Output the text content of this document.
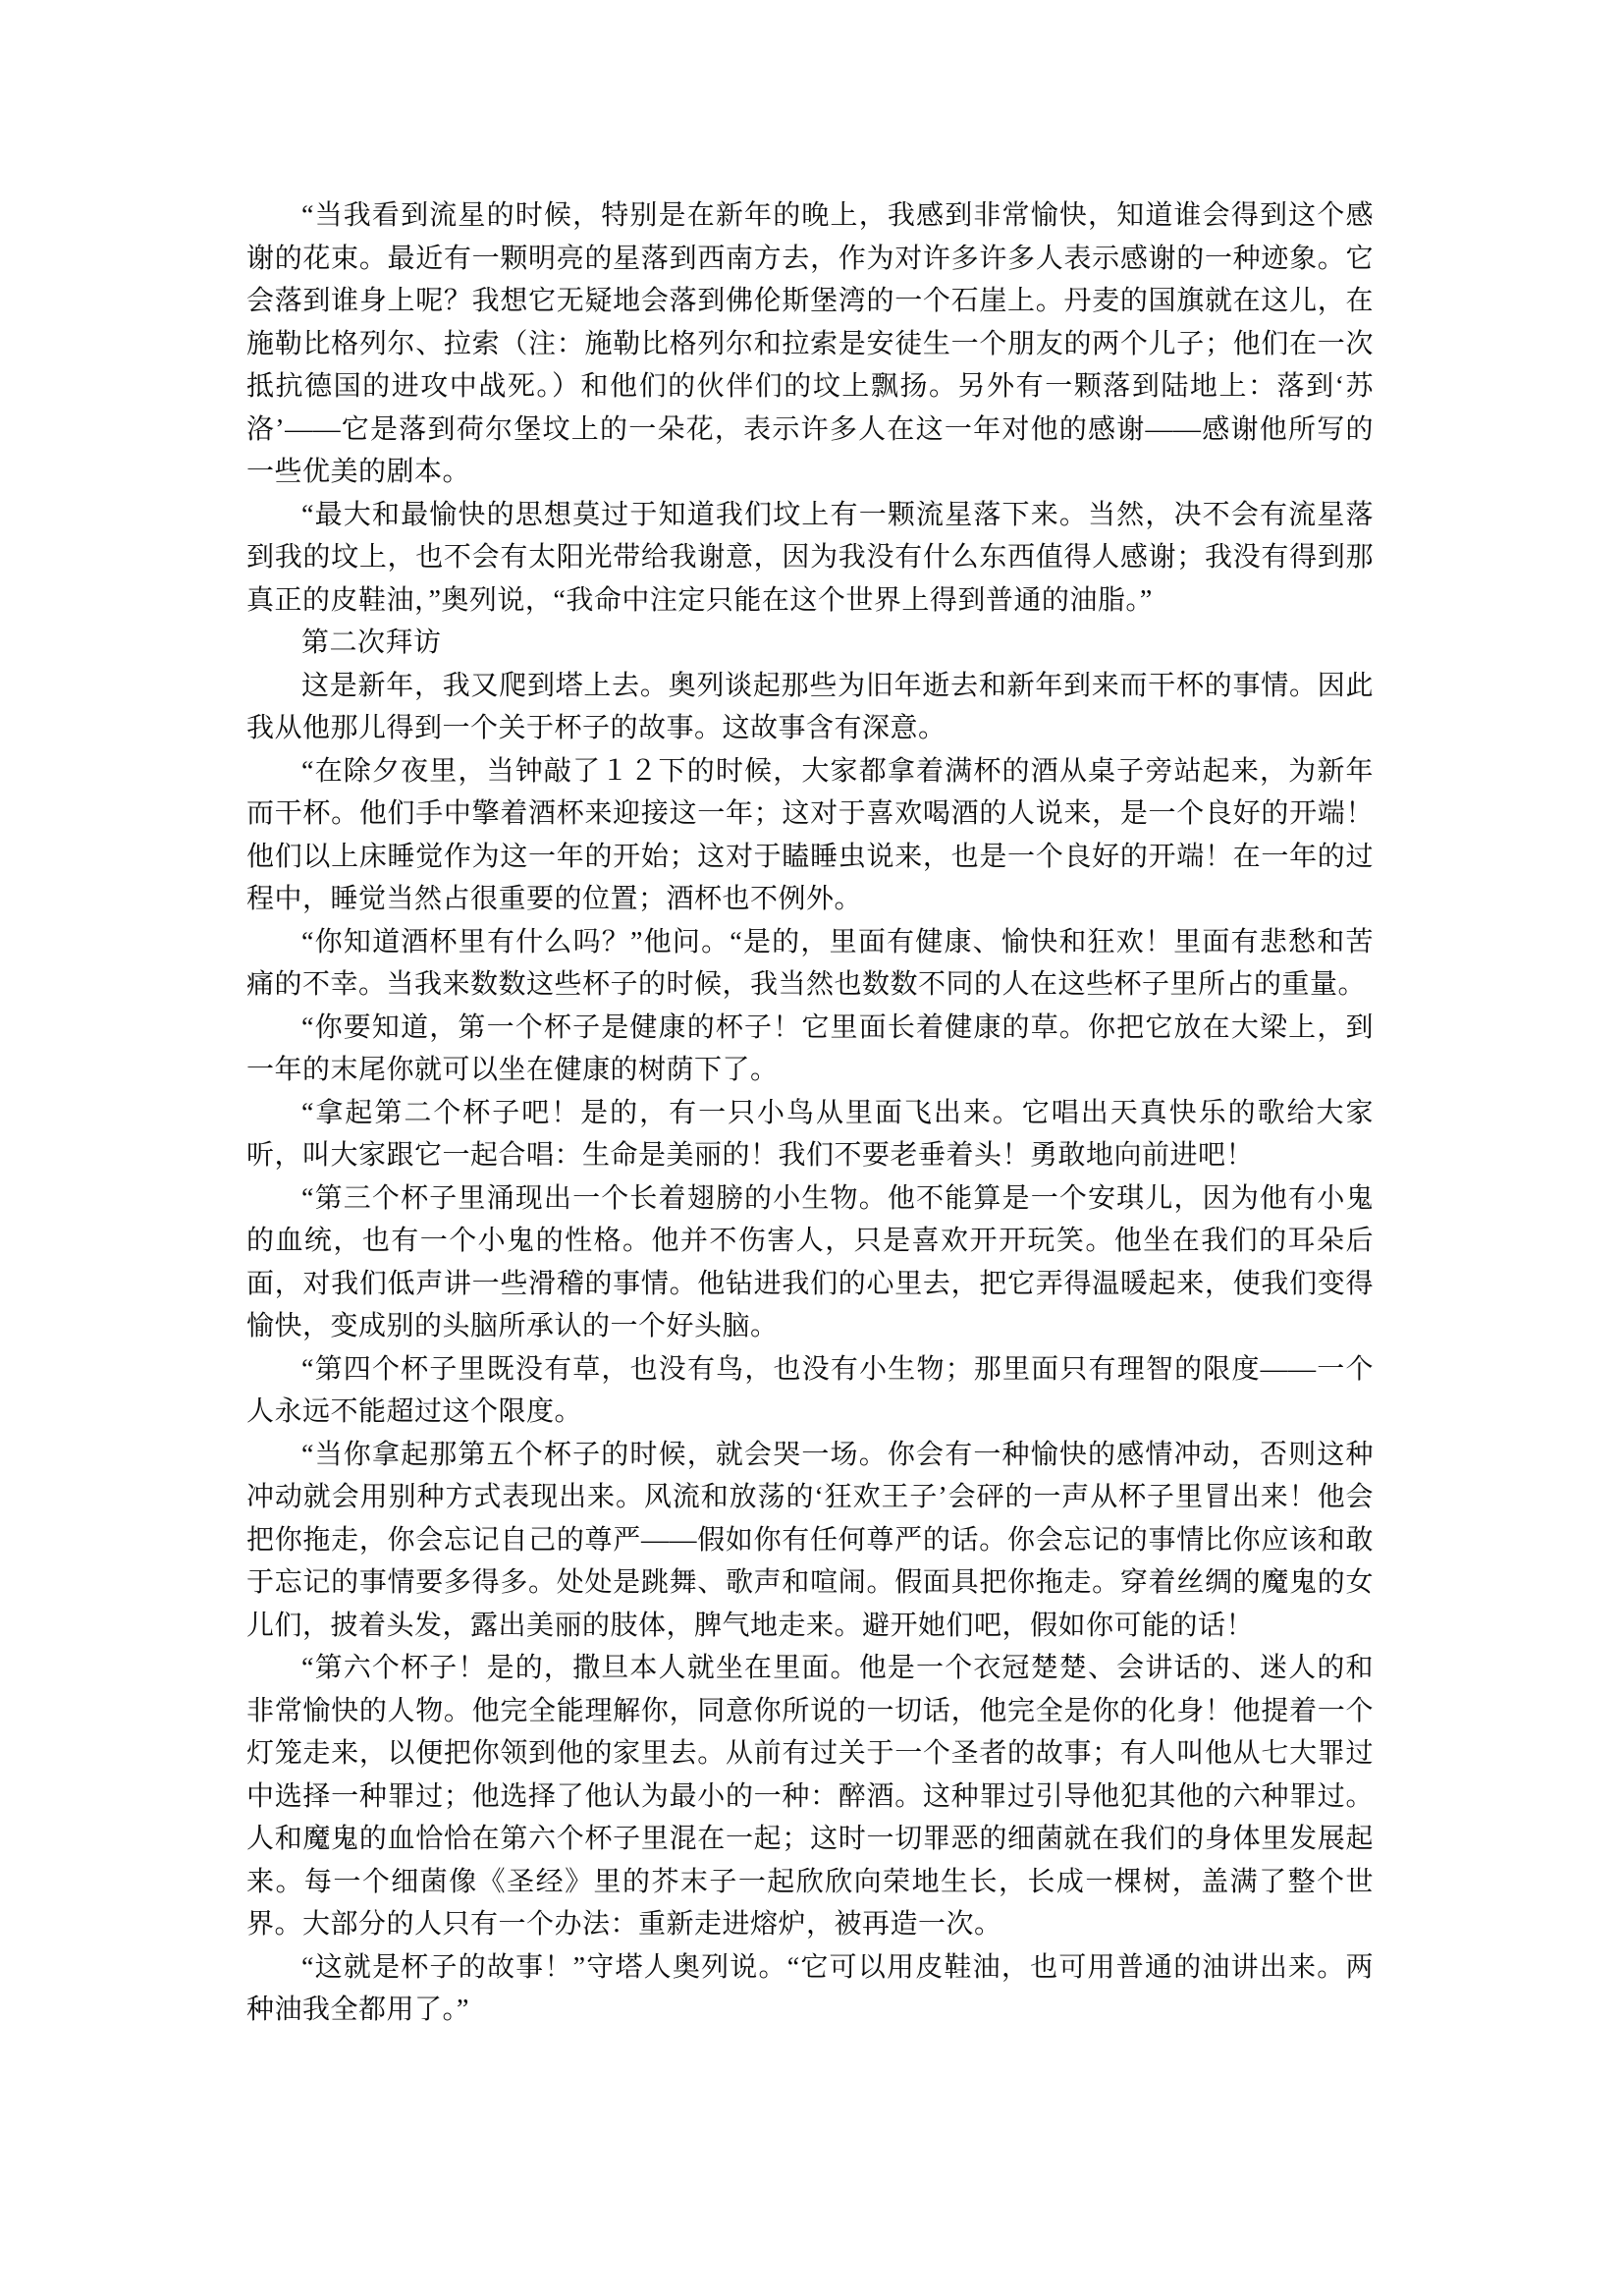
“当我看到流星的时候，特别是在新年的晚上，我感到非常愉快，知道谁会得到这个感谢的花束。最近有一颗明亮的星落到西南方去，作为对许多许多人表示感谢的一种迹象。它会落到谁身上呢？我想它无疑地会落到佛伦斯堡湾的一个石崖上。丹麦的国旗就在这儿，在施勒比格列尔、拉索（注：施勒比格列尔和拉索是安徒生一个朋友的两个儿子；他们在一次抵抗德国的进攻中战死。）和他们的伙伴们的坟上飘扬。另外有一颗落到陆地上：落到‘苏洛’——它是落到荷尔堡坟上的一朵花，表示许多人在这一年对他的感谢——感谢他所写的一些优美的剧本。

“最大和最愉快的思想莫过于知道我们坟上有一颗流星落下来。当然，决不会有流星落到我的坟上，也不会有太阳光带给我谢意，因为我没有什么东西值得人感谢；我没有得到那真正的皮鞋油，”奥列说，“我命中注定只能在这个世界上得到普通的油脂。”

第二次拜访

这是新年，我又爬到塔上去。奥列谈起那些为旧年逝去和新年到来而干杯的事情。因此我从他那儿得到一个关于杯子的故事。这故事含有深意。

“在除夕夜里，当钟敲了１２下的时候，大家都拿着满杯的酒从桌子旁站起来，为新年而干杯。他们手中擎着酒杯来迎接这一年；这对于喜欢喝酒的人说来，是一个良好的开端！他们以上床睡觉作为这一年的开始；这对于瞌睡虫说来，也是一个良好的开端！在一年的过程中，睡觉当然占很重要的位置；酒杯也不例外。

“你知道酒杯里有什么吗？”他问。“是的，里面有健康、愉快和狂欢！里面有悲愁和苦痛的不幸。当我来数数这些杯子的时候，我当然也数数不同的人在这些杯子里所占的重量。

“你要知道，第一个杯子是健康的杯子！它里面长着健康的草。你把它放在大梁上，到一年的末尾你就可以坐在健康的树荫下了。

“拿起第二个杯子吧！是的，有一只小鸟从里面飞出来。它唱出天真快乐的歌给大家听，叫大家跟它一起合唱：生命是美丽的！我们不要老垂着头！勇敢地向前进吧！

“第三个杯子里涌现出一个长着翅膀的小生物。他不能算是一个安琪儿，因为他有小鬼的血统，也有一个小鬼的性格。他并不伤害人，只是喜欢开开玩笑。他坐在我们的耳朵后面，对我们低声讲一些滑稽的事情。他钻进我们的心里去，把它弄得温暖起来，使我们变得愉快，变成别的头脑所承认的一个好头脑。

“第四个杯子里既没有草，也没有鸟，也没有小生物；那里面只有理智的限度——一个人永远不能超过这个限度。

“当你拿起那第五个杯子的时候，就会哭一场。你会有一种愉快的感情冲动，否则这种冲动就会用别种方式表现出来。风流和放荡的‘狂欢王子’会砰的一声从杯子里冒出来！他会把你拖走，你会忘记自己的尊严——假如你有任何尊严的话。你会忘记的事情比你应该和敢于忘记的事情要多得多。处处是跳舞、歌声和喧闹。假面具把你拖走。穿着丝绸的魔鬼的女儿们，披着头发，露出美丽的肢体，脾气地走来。避开她们吧，假如你可能的话！

“第六个杯子！是的，撒旦本人就坐在里面。他是一个衣冠楚楚、会讲话的、迷人的和非常愉快的人物。他完全能理解你，同意你所说的一切话，他完全是你的化身！他提着一个灯笼走来，以便把你领到他的家里去。从前有过关于一个圣者的故事；有人叫他从七大罪过中选择一种罪过；他选择了他认为最小的一种：醉酒。这种罪过引导他犯其他的六种罪过。人和魔鬼的血恰恰在第六个杯子里混在一起；这时一切罪恶的细菌就在我们的身体里发展起来。每一个细菌像《圣经》里的芥末子一起欣欣向荣地生长，长成一棵树，盖满了整个世界。大部分的人只有一个办法：重新走进熔炉，被再造一次。

“这就是杯子的故事！”守塔人奥列说。“它可以用皮鞋油，也可用普通的油讲出来。两种油我全都用了。”
